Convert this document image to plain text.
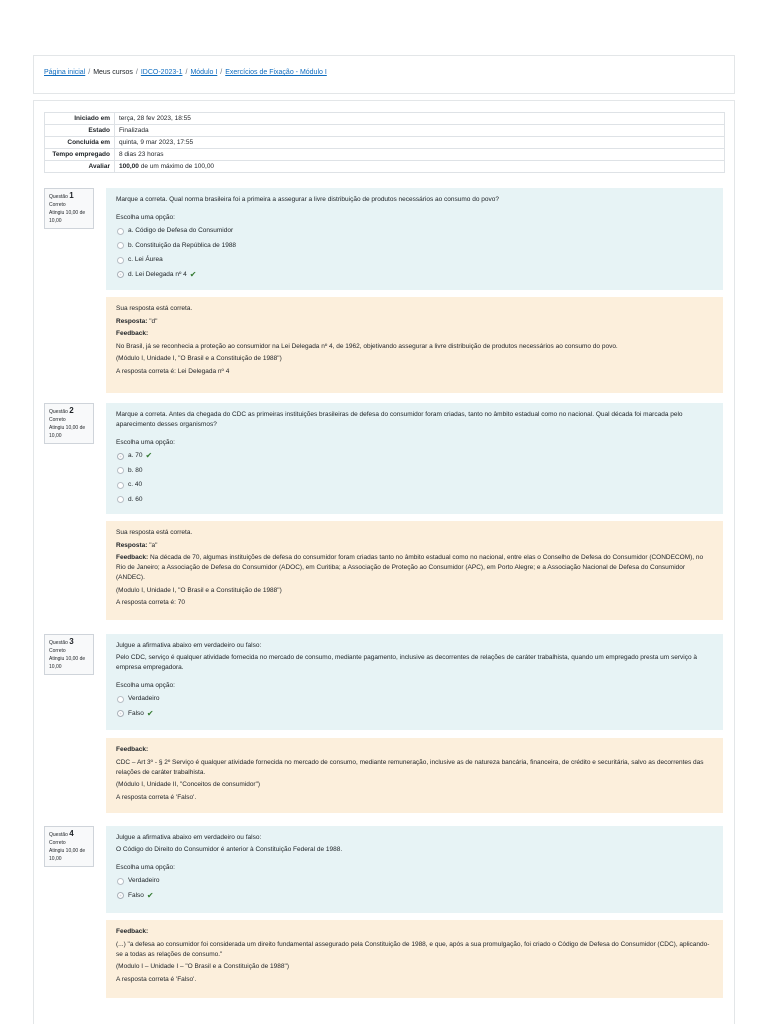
Página inicial / Meus cursos / IDCO-2023-1 / Módulo I / Exercícios de Fixação - Módulo I
Iniciado em	terça, 28 fev 2023, 18:55
Estado	Finalizada
Concluída em	quinta, 9 mar 2023, 17:55
Tempo empregado	8 dias 23 horas
Avaliar	100,00 de um máximo de 100,00
Questão 1
Correto
Atingiu 10,00 de 10,00

Marque a correta. Qual norma brasileira foi a primeira a assegurar a livre distribuição de produtos necessários ao consumo do povo?

Escolha uma opção:

a. Código de Defesa do Consumidor
b. Constituição da República de 1988
c. Lei Áurea
d. Lei Delegada nº 4 ✔

Sua resposta está correta.

Resposta: "d"

Feedback:

No Brasil, já se reconhecia a proteção ao consumidor na Lei Delegada nº 4, de 1962, objetivando assegurar a livre distribuição de produtos necessários ao consumo do povo.

(Módulo I, Unidade I, "O Brasil e a Constituição de 1988")

A resposta correta é: Lei Delegada nº 4

Questão 2
Correto
Atingiu 10,00 de 10,00

Marque a correta. Antes da chegada do CDC as primeiras instituições brasileiras de defesa do consumidor foram criadas, tanto no âmbito estadual como no nacional. Qual década foi marcada pelo aparecimento desses organismos?

Escolha uma opção:

a. 70 ✔
b. 80
c. 40
d. 60

Sua resposta está correta.

Resposta: "a"

Feedback: Na década de 70, algumas instituições de defesa do consumidor foram criadas tanto no âmbito estadual como no nacional, entre elas o Conselho de Defesa do Consumidor (CONDECOM), no Rio de Janeiro; a Associação de Defesa do Consumidor (ADOC), em Curitiba; a Associação de Proteção ao Consumidor (APC), em Porto Alegre; e a Associação Nacional de Defesa do Consumidor (ANDEC).

(Modulo I, Unidade I, "O Brasil e a Constituição de 1988")

A resposta correta é: 70

Questão 3
Correto
Atingiu 10,00 de 10,00

Julgue a afirmativa abaixo em verdadeiro ou falso:

Pelo CDC, serviço é qualquer atividade fornecida no mercado de consumo, mediante pagamento, inclusive as decorrentes de relações de caráter trabalhista, quando um empregado presta um serviço à empresa empregadora.

Escolha uma opção:

Verdadeiro
Falso ✔

Feedback:

CDC – Art 3º - § 2º Serviço é qualquer atividade fornecida no mercado de consumo, mediante remuneração, inclusive as de natureza bancária, financeira, de crédito e securitária, salvo as decorrentes das relações de caráter trabalhista.

(Módulo I, Unidade II, "Conceitos de consumidor")

A resposta correta é 'Falso'.

Questão 4
Correto
Atingiu 10,00 de 10,00

Julgue a afirmativa abaixo em verdadeiro ou falso:

O Código do Direito do Consumidor é anterior à Constituição Federal de 1988.

Escolha uma opção:

Verdadeiro
Falso ✔

Feedback:

(...) "a defesa ao consumidor foi considerada um direito fundamental assegurado pela Constituição de 1988, e que, após a sua promulgação, foi criado o Código de Defesa do Consumidor (CDC), aplicando-se a todas as relações de consumo."

(Modulo I – Unidade I – "O Brasil e a Constituição de 1988")

A resposta correta é 'Falso'.
